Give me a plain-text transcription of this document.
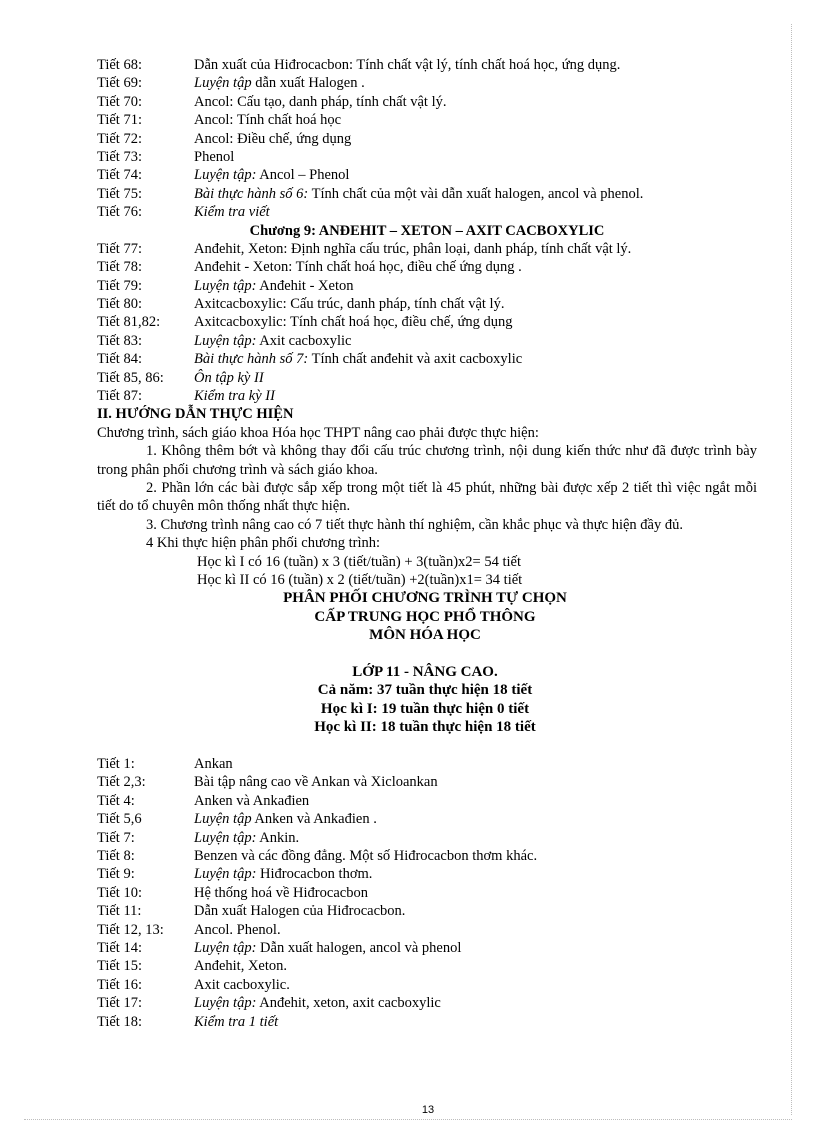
Tiết 68:	Dẫn xuất của Hiđrocacbon: Tính chất vật lý, tính chất hoá học, ứng dụng.
Tiết 69:	Luyện tập dẫn xuất Halogen .
Tiết 70:	Ancol: Cấu tạo, danh pháp, tính chất vật lý.
Tiết 71:	Ancol: Tính chất hoá học
Tiết 72:	Ancol: Điều chế, ứng dụng
Tiết 73:	Phenol
Tiết 74:	Luyện tập: Ancol – Phenol
Tiết 75:	Bài thực hành số 6: Tính chất của một vài dẫn xuất halogen, ancol và phenol.
Tiết 76:	Kiểm tra viết
Chương 9: ANĐEHIT – XETON – AXIT CACBOXYLIC
Tiết 77:	Anđehit, Xeton: Định nghĩa cấu trúc, phân loại, danh pháp, tính chất vật lý.
Tiết 78:	Anđehit - Xeton: Tính chất hoá học, điều chế ứng dụng .
Tiết 79:	Luyện tập: Anđehit - Xeton
Tiết 80:	Axitcacboxylic: Cấu trúc, danh pháp, tính chất vật lý.
Tiết 81,82:	Axitcacboxylic: Tính chất hoá học, điều chế, ứng dụng
Tiết 83:	Luyện tập: Axit cacboxylic
Tiết 84:	Bài thực hành số 7: Tính chất anđehit và axit cacboxylic
Tiết 85, 86:	Ôn tập kỳ II
Tiết 87:	Kiểm tra kỳ II
II. HƯỚNG DẪN THỰC HIỆN
Chương trình, sách giáo khoa Hóa học THPT nâng cao phải được thực hiện:
1. Không thêm bớt và không thay đổi cấu trúc chương trình, nội dung kiến thức như đã được trình bày trong phân phối chương trình và sách giáo khoa.
2. Phần lớn các bài được sắp xếp trong một tiết là 45 phút, những bài được xếp 2 tiết thì việc ngắt mỗi tiết do tổ chuyên môn thống nhất thực hiện.
3. Chương trình nâng cao có 7 tiết thực hành thí nghiệm, cần khắc phục và thực hiện đầy đủ.
4 Khi thực hiện phân phối chương trình:
Học kì I có 16 (tuần) x 3 (tiết/tuần) + 3(tuần)x2= 54 tiết
Học kì II có 16 (tuần) x 2 (tiết/tuần) +2(tuần)x1= 34 tiết
PHÂN PHỐI CHƯƠNG TRÌNH TỰ CHỌN
CẤP TRUNG HỌC PHỔ THÔNG
MÔN HÓA HỌC
LỚP 11 - NÂNG CAO.
Cả năm: 37 tuần thực hiện 18 tiết
Học kì I: 19 tuần thực hiện 0 tiết
Học kì II: 18 tuần thực hiện 18 tiết
Tiết 1:	Ankan
Tiết 2,3:	Bài tập nâng cao về Ankan và Xicloankan
Tiết 4:	Anken và Ankađien
Tiết 5,6	Luyện tập Anken và Ankađien .
Tiết 7:	Luyện tập: Ankin.
Tiết 8:	Benzen và các đồng đẳng. Một số Hiđrocacbon thơm khác.
Tiết 9:	Luyện tập: Hiđrocacbon thơm.
Tiết 10:	Hệ thống hoá về Hiđrocacbon
Tiết 11:	Dẫn xuất Halogen của Hiđrocacbon.
Tiết 12, 13:	Ancol. Phenol.
Tiết 14:	Luyện tập: Dẫn xuất halogen, ancol và phenol
Tiết 15:	Anđehit, Xeton.
Tiết 16:	Axit cacboxylic.
Tiết 17:	Luyện tập: Anđehit, xeton, axit cacboxylic
Tiết 18:	Kiểm tra 1 tiết
13
